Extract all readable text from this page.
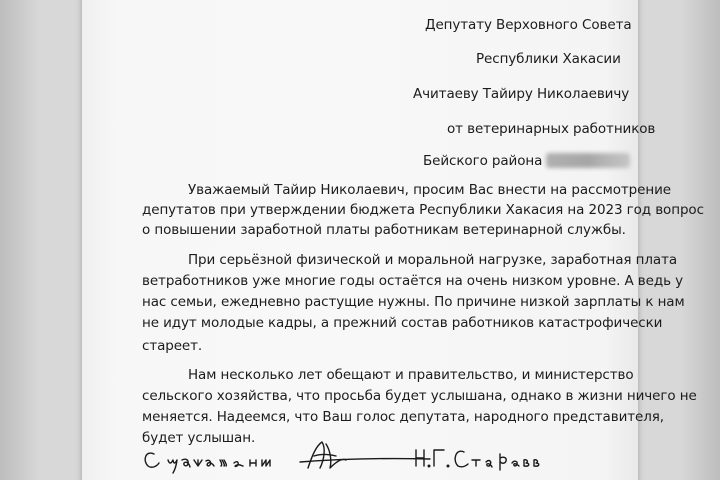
Депутату Верховного Совета
Республики Хакасии
Ачитаеву Тайиру Николаевичу
от ветеринарных работников
Бейского района
Уважаемый Тайир Николаевич, просим Вас внести на рассмотрение
депутатов при утверждении бюджета Республики Хакасия на 2023 год вопрос
о повышении заработной платы работникам ветеринарной службы.
При серьёзной физической и моральной нагрузке, заработная плата
ветработников уже многие годы остаётся на очень низком уровне. А ведь у
нас семьи, ежедневно растущие нужны. По причине низкой зарплаты к нам
не идут молодые кадры, а прежний состав работников катастрофически
стареет.
Нам несколько лет обещают и правительство, и министерство
сельского хозяйства, что просьба будет услышана, однако в жизни ничего не
меняется. Надеемся, что Ваш голос депутата, народного представителя,
будет услышан.
